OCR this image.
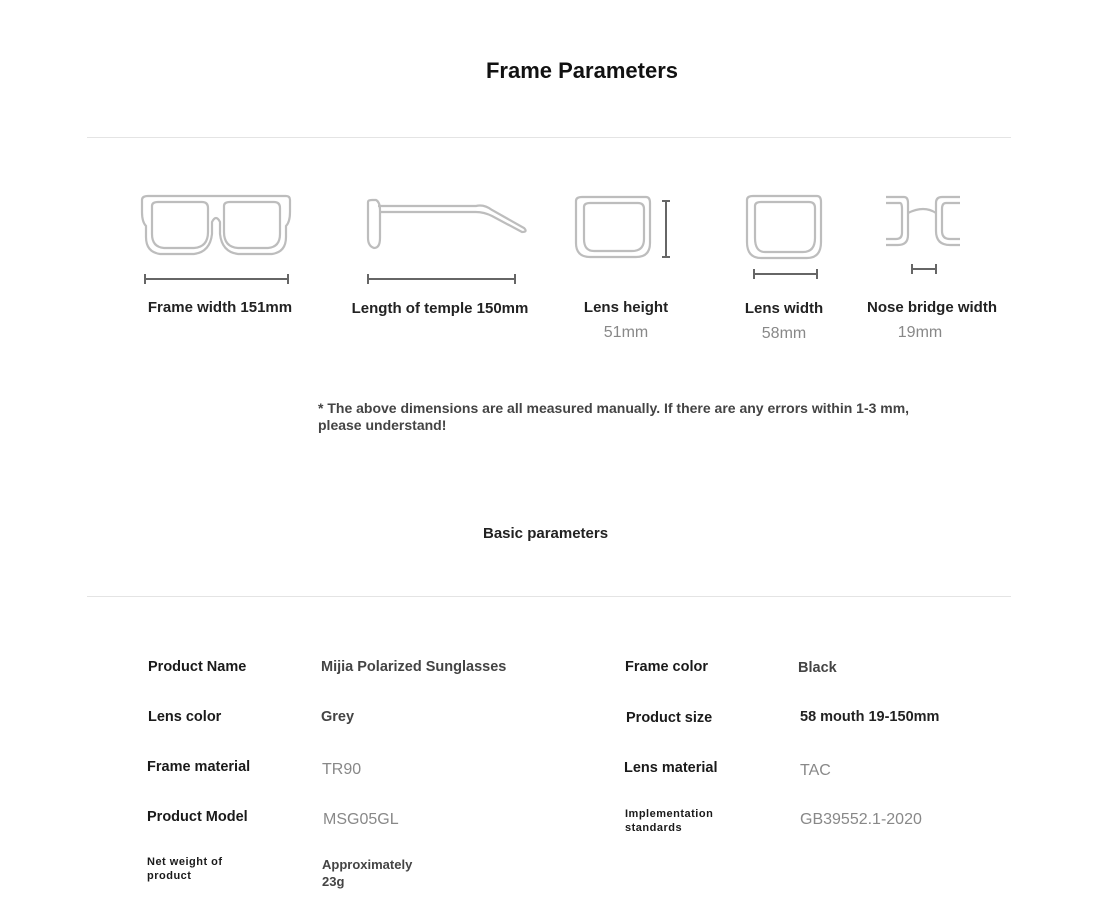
Frame Parameters
Frame width 151mm	Length of temple 150mm	Lens height
51mm
Lens width
58mm
Nose bridge width
19mm
* The above dimensions are all measured manually. If there are any errors within 1-3 mm, please understand!
Basic parameters
Product Name	Mijia Polarized Sunglasses	Frame color	Black
Lens color	Grey	Product size	58 mouth 19-150mm
Frame material	TR90	Lens material	TAC
Product Model	MSG05GL	Implementation standards	GB39552.1-2020
Net weight of product
Approximately 23g
